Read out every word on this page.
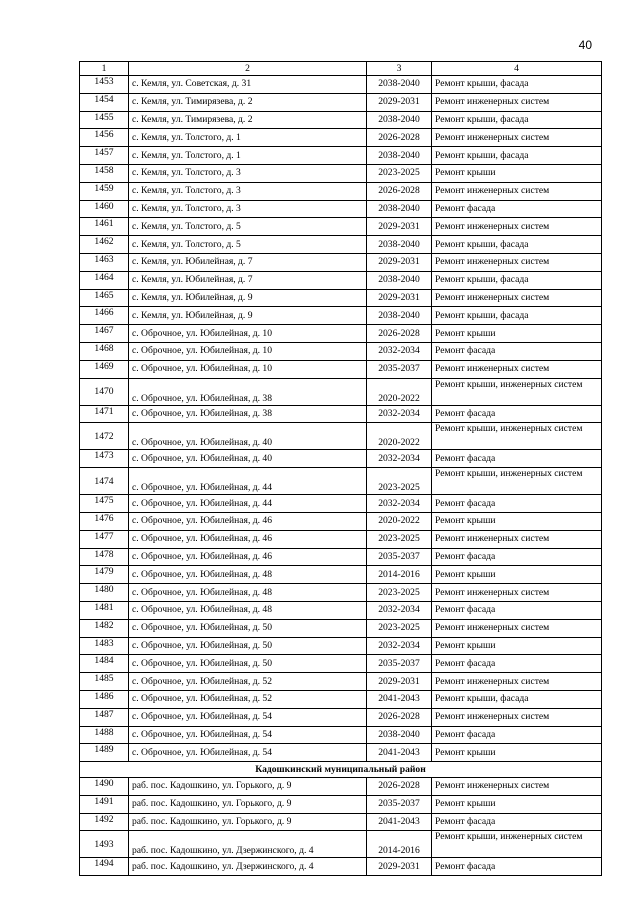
40
1	2	3	4
1453	с. Кемля, ул. Советская, д. 31	2038-2040	Ремонт крыши, фасада
1454	с. Кемля, ул. Тимирязева, д. 2	2029-2031	Ремонт инженерных систем
1455	с. Кемля, ул. Тимирязева, д. 2	2038-2040	Ремонт крыши, фасада
1456	с. Кемля, ул. Толстого, д. 1	2026-2028	Ремонт инженерных систем
1457	с. Кемля, ул. Толстого, д. 1	2038-2040	Ремонт крыши, фасада
1458	с. Кемля, ул. Толстого, д. 3	2023-2025	Ремонт крыши
1459	с. Кемля, ул. Толстого, д. 3	2026-2028	Ремонт инженерных систем
1460	с. Кемля, ул. Толстого, д. 3	2038-2040	Ремонт фасада
1461	с. Кемля, ул. Толстого, д. 5	2029-2031	Ремонт инженерных систем
1462	с. Кемля, ул. Толстого, д. 5	2038-2040	Ремонт крыши, фасада
1463	с. Кемля, ул. Юбилейная, д. 7	2029-2031	Ремонт инженерных систем
1464	с. Кемля, ул. Юбилейная, д. 7	2038-2040	Ремонт крыши, фасада
1465	с. Кемля, ул. Юбилейная, д. 9	2029-2031	Ремонт инженерных систем
1466	с. Кемля, ул. Юбилейная, д. 9	2038-2040	Ремонт крыши, фасада
1467	с. Оброчное, ул. Юбилейная, д. 10	2026-2028	Ремонт крыши
1468	с. Оброчное, ул. Юбилейная, д. 10	2032-2034	Ремонт фасада
1469	с. Оброчное, ул. Юбилейная, д. 10	2035-2037	Ремонт инженерных систем
1470	с. Оброчное, ул. Юбилейная, д. 38	2020-2022	Ремонт крыши, инженерных систем
1471	с. Оброчное, ул. Юбилейная, д. 38	2032-2034	Ремонт фасада
1472	с. Оброчное, ул. Юбилейная, д. 40	2020-2022	Ремонт крыши, инженерных систем
1473	с. Оброчное, ул. Юбилейная, д. 40	2032-2034	Ремонт фасада
1474	с. Оброчное, ул. Юбилейная, д. 44	2023-2025	Ремонт крыши, инженерных систем
1475	с. Оброчное, ул. Юбилейная, д. 44	2032-2034	Ремонт фасада
1476	с. Оброчное, ул. Юбилейная, д. 46	2020-2022	Ремонт крыши
1477	с. Оброчное, ул. Юбилейная, д. 46	2023-2025	Ремонт инженерных систем
1478	с. Оброчное, ул. Юбилейная, д. 46	2035-2037	Ремонт фасада
1479	с. Оброчное, ул. Юбилейная, д. 48	2014-2016	Ремонт крыши
1480	с. Оброчное, ул. Юбилейная, д. 48	2023-2025	Ремонт инженерных систем
1481	с. Оброчное, ул. Юбилейная, д. 48	2032-2034	Ремонт фасада
1482	с. Оброчное, ул. Юбилейная, д. 50	2023-2025	Ремонт инженерных систем
1483	с. Оброчное, ул. Юбилейная, д. 50	2032-2034	Ремонт крыши
1484	с. Оброчное, ул. Юбилейная, д. 50	2035-2037	Ремонт фасада
1485	с. Оброчное, ул. Юбилейная, д. 52	2029-2031	Ремонт инженерных систем
1486	с. Оброчное, ул. Юбилейная, д. 52	2041-2043	Ремонт крыши, фасада
1487	с. Оброчное, ул. Юбилейная, д. 54	2026-2028	Ремонт инженерных систем
1488	с. Оброчное, ул. Юбилейная, д. 54	2038-2040	Ремонт фасада
1489	с. Оброчное, ул. Юбилейная, д. 54	2041-2043	Ремонт крыши
Кадошкинский муниципальный район			
1490	раб. пос. Кадошкино, ул. Горького, д. 9	2026-2028	Ремонт инженерных систем
1491	раб. пос. Кадошкино, ул. Горького, д. 9	2035-2037	Ремонт крыши
1492	раб. пос. Кадошкино, ул. Горького, д. 9	2041-2043	Ремонт фасада
1493	раб. пос. Кадошкино, ул. Дзержинского, д. 4	2014-2016	Ремонт крыши, инженерных систем
1494	раб. пос. Кадошкино, ул. Дзержинского, д. 4	2029-2031	Ремонт фасада
